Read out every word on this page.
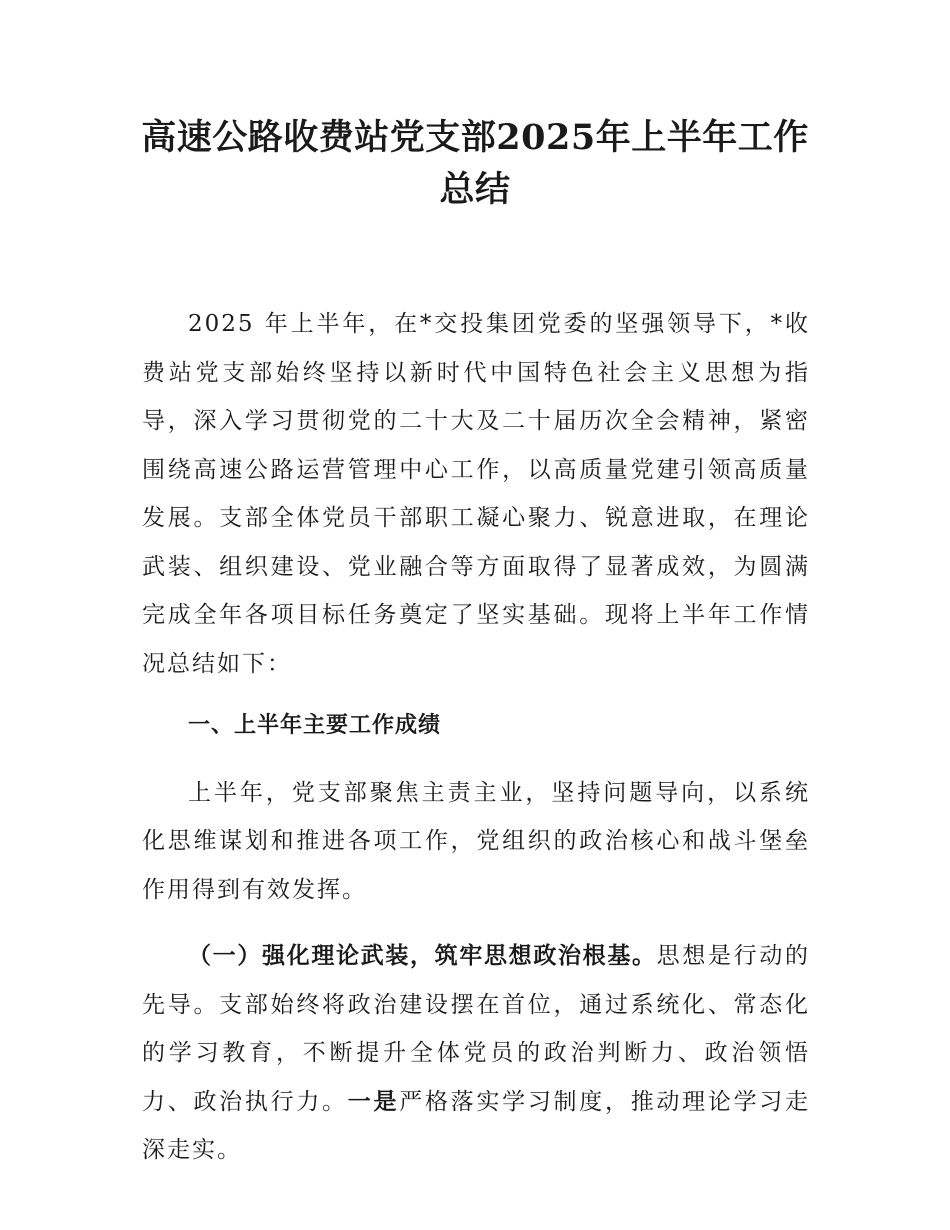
高速公路收费站党支部2025年上半年工作总结

2025 年上半年，在*交投集团党委的坚强领导下，*收费站党支部始终坚持以新时代中国特色社会主义思想为指导，深入学习贯彻党的二十大及二十届历次全会精神，紧密围绕高速公路运营管理中心工作，以高质量党建引领高质量发展。支部全体党员干部职工凝心聚力、锐意进取，在理论武装、组织建设、党业融合等方面取得了显著成效，为圆满完成全年各项目标任务奠定了坚实基础。现将上半年工作情况总结如下：

一、上半年主要工作成绩

上半年，党支部聚焦主责主业，坚持问题导向，以系统化思维谋划和推进各项工作，党组织的政治核心和战斗堡垒作用得到有效发挥。

（一）强化理论武装，筑牢思想政治根基。思想是行动的先导。支部始终将政治建设摆在首位，通过系统化、常态化的学习教育，不断提升全体党员的政治判断力、政治领悟力、政治执行力。一是严格落实学习制度，推动理论学习走深走实。
